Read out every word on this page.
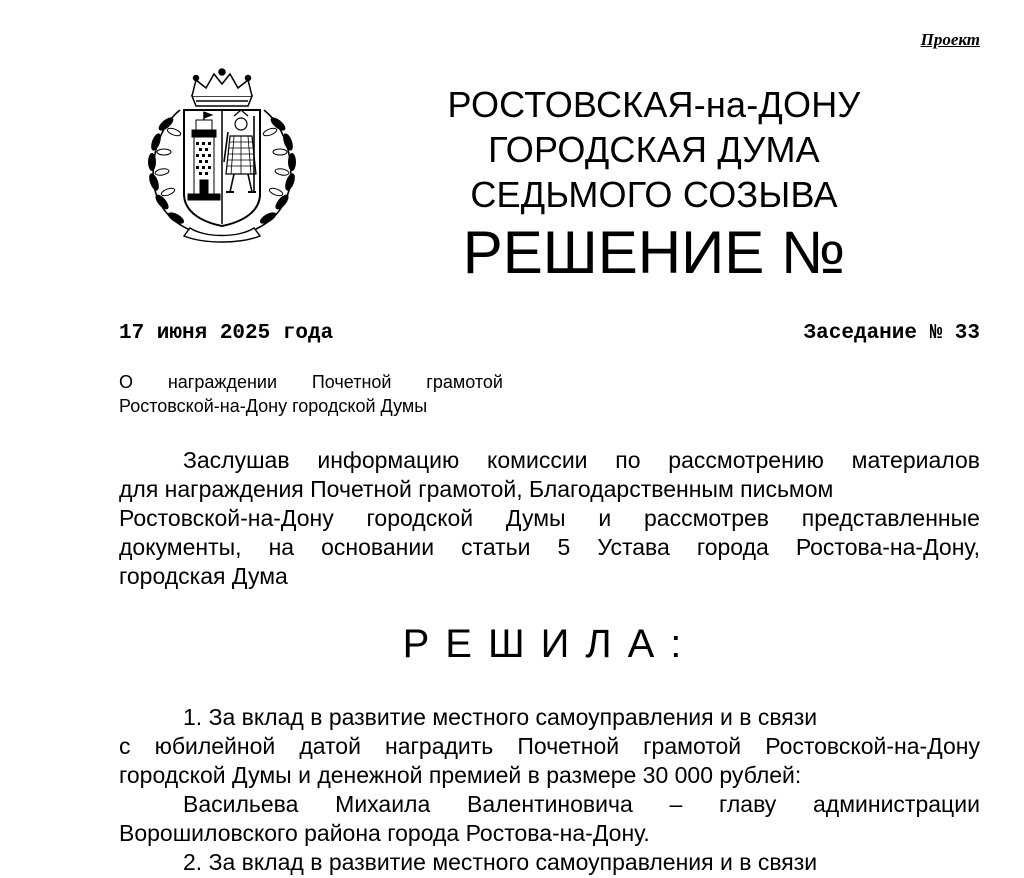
Проект
РОСТОВСКАЯ-на-ДОНУ
ГОРОДСКАЯ ДУМА
СЕДЬМОГО СОЗЫВА
РЕШЕНИЕ №
17 июня 2025 года	Заседание № 33
О награждении Почетной грамотой
Ростовской-на-Дону городской Думы
Заслушав информацию комиссии по рассмотрению материалов
для награждения Почетной грамотой, Благодарственным письмом
Ростовской-на-Дону городской Думы и рассмотрев представленные
документы, на основании статьи 5 Устава города Ростова-на-Дону,
городская Дума
РЕШИЛА:
1. За вклад в развитие местного самоуправления и в связи
с юбилейной датой наградить Почетной грамотой Ростовской-на-Дону
городской Думы и денежной премией в размере 30 000 рублей:
Васильева Михаила Валентиновича – главу администрации
Ворошиловского района города Ростова-на-Дону.
2. За вклад в развитие местного самоуправления и в связи
